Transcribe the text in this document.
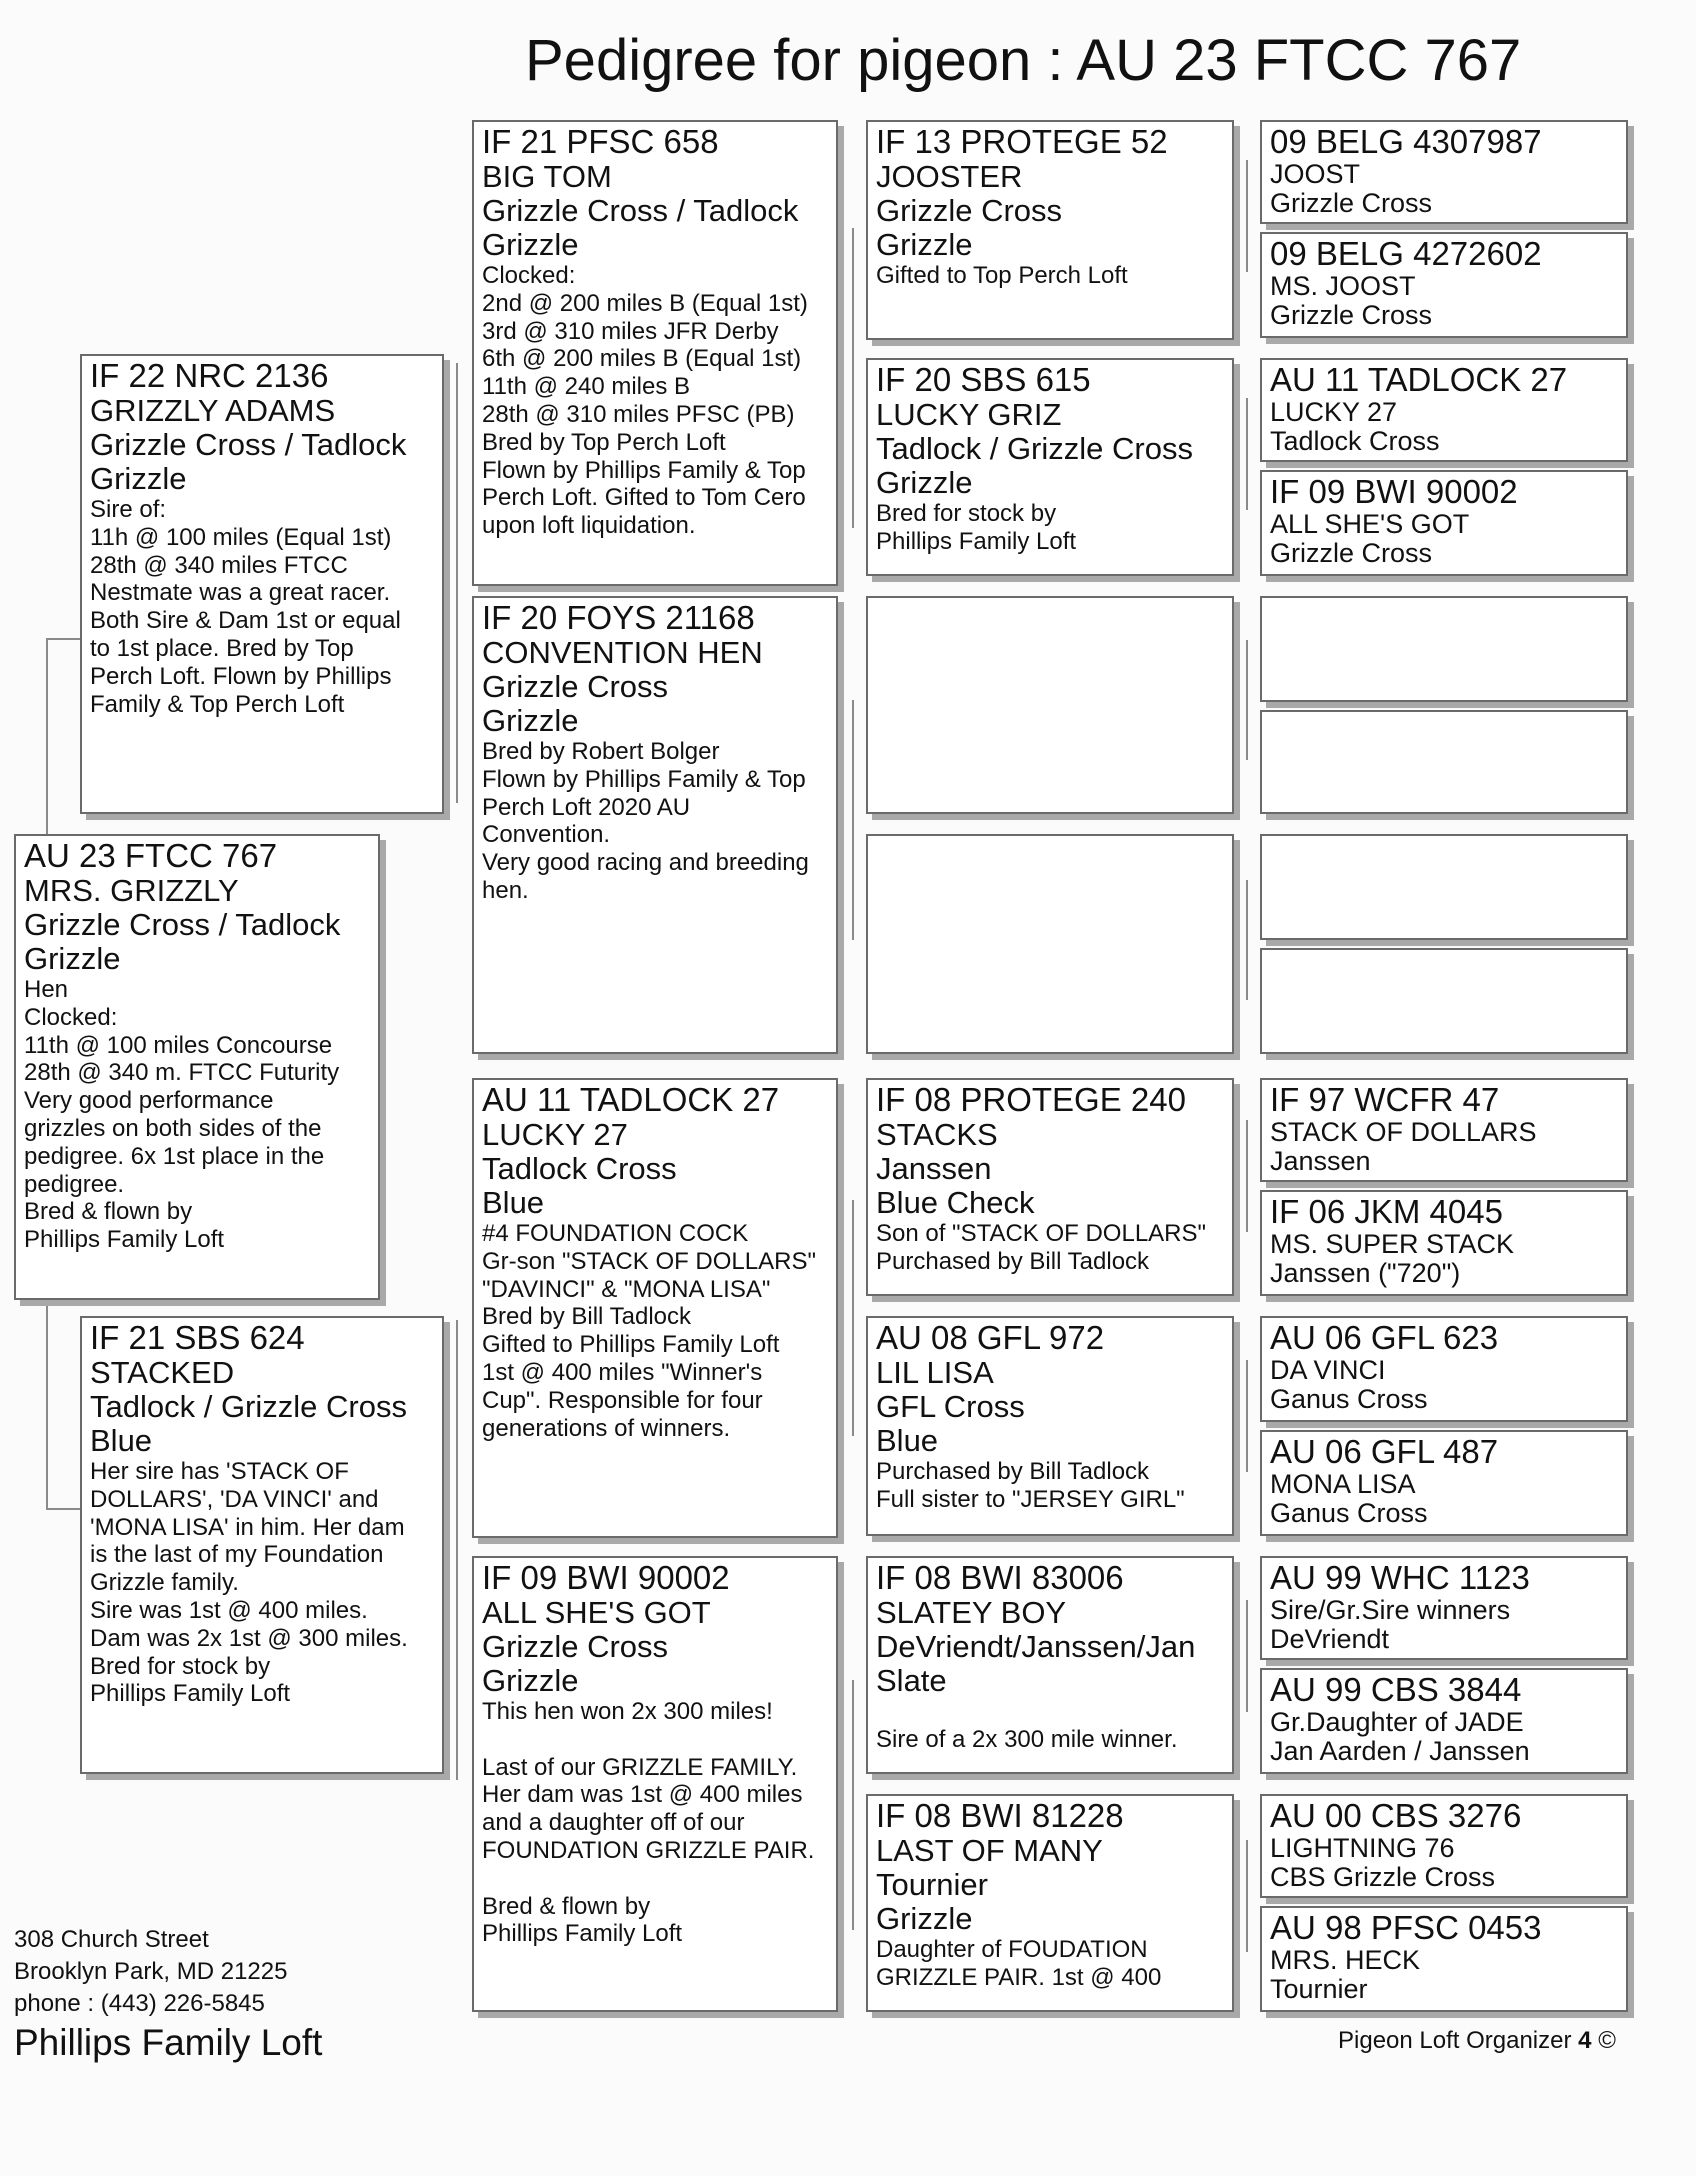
Pedigree for pigeon : AU 23 FTCC 767
AU 23 FTCC 767
MRS. GRIZZLY
Grizzle Cross / Tadlock
Grizzle
Hen
Clocked:
11th @ 100 miles Concourse
28th @ 340 m. FTCC Futurity
Very good performance
grizzles on both sides of the
pedigree. 6x 1st place in the
pedigree.
Bred & flown by
Phillips Family Loft
IF 22 NRC 2136
GRIZZLY ADAMS
Grizzle Cross / Tadlock
Grizzle
Sire of:
11h @ 100 miles (Equal 1st)
28th @ 340 miles FTCC
Nestmate was a great racer.
Both Sire & Dam 1st or equal
to 1st place. Bred by Top
Perch Loft. Flown by Phillips
Family & Top Perch Loft
IF 21 SBS 624
STACKED
Tadlock / Grizzle Cross
Blue
Her sire has 'STACK OF
DOLLARS', 'DA VINCI' and
'MONA LISA' in him. Her dam
is the last of my Foundation
Grizzle family.
Sire was 1st @ 400 miles.
Dam was 2x 1st @ 300 miles.
Bred for stock by
Phillips Family Loft
IF 21 PFSC 658
BIG TOM
Grizzle Cross / Tadlock
Grizzle
Clocked:
2nd @ 200 miles B (Equal 1st)
3rd @ 310 miles JFR Derby
6th @ 200 miles B (Equal 1st)
11th @ 240 miles B
28th @ 310 miles PFSC (PB)
Bred by Top Perch Loft
Flown by Phillips Family & Top
Perch Loft. Gifted to Tom Cero
upon loft liquidation.
IF 20 FOYS 21168
CONVENTION HEN
Grizzle Cross
Grizzle
Bred by Robert Bolger
Flown by Phillips Family & Top
Perch Loft 2020 AU
Convention.
Very good racing and breeding
hen.
AU 11 TADLOCK 27
LUCKY 27
Tadlock Cross
Blue
#4 FOUNDATION COCK
Gr-son "STACK OF DOLLARS"
"DAVINCI" & "MONA LISA"
Bred by Bill Tadlock
Gifted to Phillips Family Loft
1st @ 400 miles "Winner's
Cup". Responsible for four
generations of winners.
IF 09 BWI 90002
ALL SHE'S GOT
Grizzle Cross
Grizzle
This hen won 2x 300 miles!
Last of our GRIZZLE FAMILY.
Her dam was 1st @ 400 miles
and a daughter off of our
FOUNDATION GRIZZLE PAIR.
Bred & flown by
Phillips Family Loft
IF 13 PROTEGE 52
JOOSTER
Grizzle Cross
Grizzle
Gifted to Top Perch Loft
IF 20 SBS 615
LUCKY GRIZ
Tadlock / Grizzle Cross
Grizzle
Bred for stock by
Phillips Family Loft
IF 08 PROTEGE 240
STACKS
Janssen
Blue Check
Son of "STACK OF DOLLARS"
Purchased by Bill Tadlock
AU 08 GFL 972
LIL LISA
GFL Cross
Blue
Purchased by Bill Tadlock
Full sister to "JERSEY GIRL"
IF 08 BWI 83006
SLATEY BOY
DeVriendt/Janssen/Jan
Slate
Sire of a 2x 300 mile winner.
IF 08 BWI 81228
LAST OF MANY
Tournier
Grizzle
Daughter of FOUDATION
GRIZZLE PAIR. 1st @ 400
09 BELG 4307987
JOOST
Grizzle Cross
09 BELG 4272602
MS. JOOST
Grizzle Cross
AU 11 TADLOCK 27
LUCKY 27
Tadlock Cross
IF 09 BWI 90002
ALL SHE'S GOT
Grizzle Cross
IF 97 WCFR 47
STACK OF DOLLARS
Janssen
IF 06 JKM 4045
MS. SUPER STACK
Janssen ("720")
AU 06 GFL 623
DA VINCI
Ganus Cross
AU 06 GFL 487
MONA LISA
Ganus Cross
AU 99 WHC 1123
Sire/Gr.Sire winners
DeVriendt
AU 99 CBS 3844
Gr.Daughter of JADE
Jan Aarden / Janssen
AU 00 CBS 3276
LIGHTNING 76
CBS Grizzle Cross
AU 98 PFSC 0453
MRS. HECK
Tournier
308 Church Street
Brooklyn Park, MD 21225
phone : (443) 226-5845
Phillips Family Loft	Pigeon Loft Organizer 4 ©
